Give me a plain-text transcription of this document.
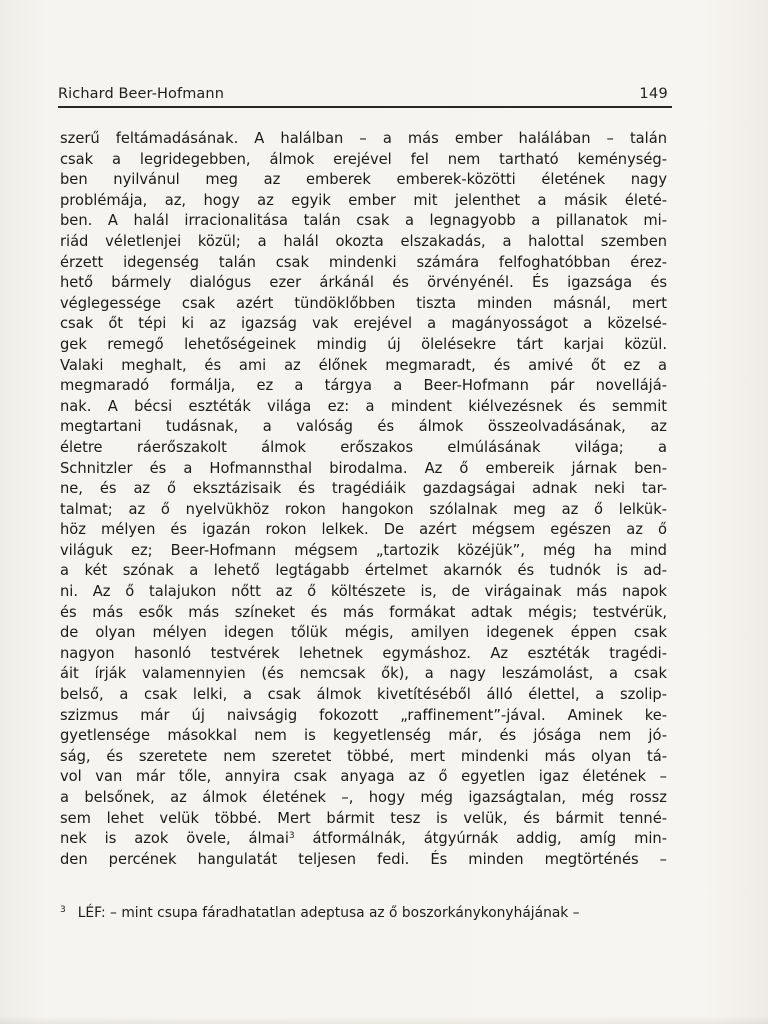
Richard Beer-Hofmann	149
szerű feltámadásának. A halálban – a más ember halálában – talán
csak a legridegebben, álmok erejével fel nem tartható keménység-
ben nyilvánul meg az emberek emberek-közötti életének nagy
problémája, az, hogy az egyik ember mit jelenthet a másik életé-
ben. A halál irracionalitása talán csak a legnagyobb a pillanatok mi-
riád véletlenjei közül; a halál okozta elszakadás, a halottal szemben
érzett idegenség talán csak mindenki számára felfoghatóbban érez-
hető bármely dialógus ezer árkánál és örvényénél. És igazsága és
véglegessége csak azért tündöklőbben tiszta minden másnál, mert
csak őt tépi ki az igazság vak erejével a magányosságot a közelsé-
gek remegő lehetőségeinek mindig új ölelésekre tárt karjai közül.
Valaki meghalt, és ami az élőnek megmaradt, és amivé őt ez a
megmaradó formálja, ez a tárgya a Beer-Hofmann pár novellájá-
nak. A bécsi esztéták világa ez: a mindent kiélvezésnek és semmit
megtartani tudásnak, a valóság és álmok összeolvadásának, az
életre ráerőszakolt álmok erőszakos elmúlásának világa; a
Schnitzler és a Hofmannsthal birodalma. Az ő embereik járnak ben-
ne, és az ő eksztázisaik és tragédiáik gazdagságai adnak neki tar-
talmat; az ő nyelvükhöz rokon hangokon szólalnak meg az ő lelkük-
höz mélyen és igazán rokon lelkek. De azért mégsem egészen az ő
világuk ez; Beer-Hofmann mégsem „tartozik közéjük”, még ha mind
a két szónak a lehető legtágabb értelmet akarnók és tudnók is ad-
ni. Az ő talajukon nőtt az ő költészete is, de virágainak más napok
és más esők más színeket és más formákat adtak mégis; testvérük,
de olyan mélyen idegen tőlük mégis, amilyen idegenek éppen csak
nagyon hasonló testvérek lehetnek egymáshoz. Az esztéták tragédi-
áit írják valamennyien (és nemcsak ők), a nagy leszámolást, a csak
belső, a csak lelki, a csak álmok kivetítéséből álló élettel, a szolip-
szizmus már új naivságig fokozott „raffinement”-jával. Aminek ke-
gyetlensége másokkal nem is kegyetlenség már, és jósága nem jó-
ság, és szeretete nem szeretet többé, mert mindenki más olyan tá-
vol van már tőle, annyira csak anyaga az ő egyetlen igaz életének –
a belsőnek, az álmok életének –, hogy még igazságtalan, még rossz
sem lehet velük többé. Mert bármit tesz is velük, és bármit tenné-
nek is azok övele, álmai$^3$ átformálnák, átgyúrnák addig, amíg min-
den percének hangulatát teljesen fedi. És minden megtörténés –
$^3$ LÉF: – mint csupa fáradhatatlan adeptusa az ő boszorkánykonyhájának –
